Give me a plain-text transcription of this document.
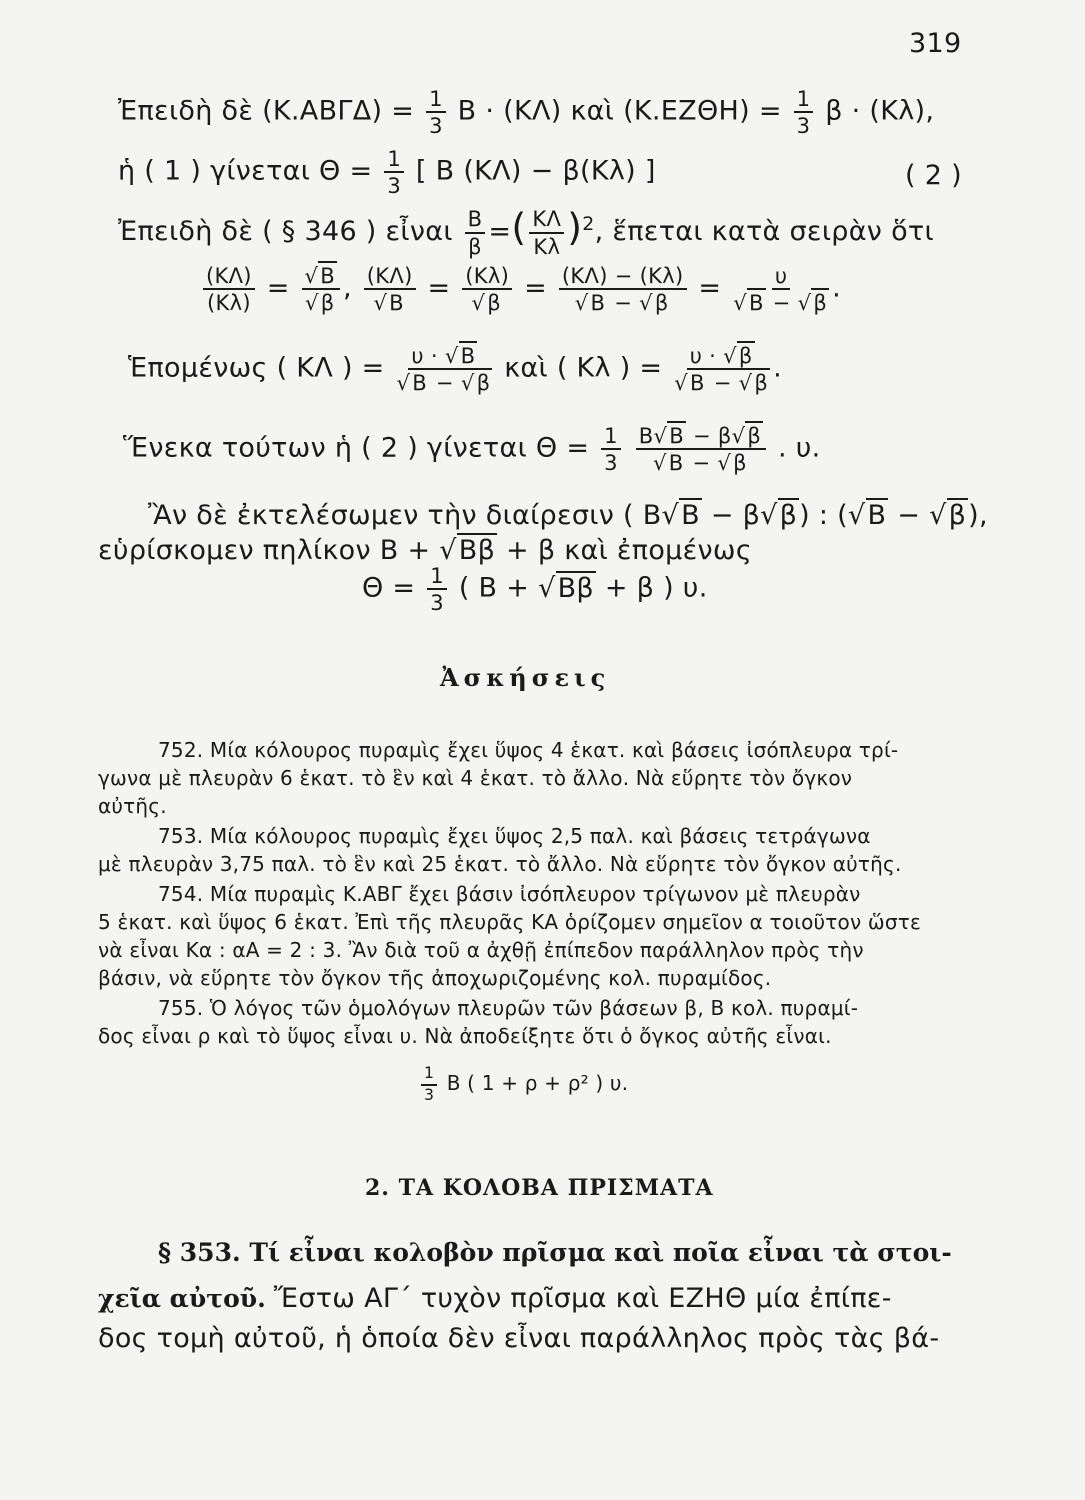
319
Ἐπειδὴ δὲ $(K.AB\Gamma\Delta) = \frac{1}{3}$ Β · (ΚΛ) καὶ $(K.EZ\Theta H) = \frac{1}{3}$ β · (Κλ),
ἡ ( 1 ) γίνεται $\Theta = \frac{1}{3}$ [ Β (ΚΛ) − β(Κλ) ]	( 2 )
Ἐπειδὴ δὲ ( § 346 ) εἶναι $\frac{B}{\beta}$ =( $\frac{K\Lambda}{K\lambda} )^2$, ἕπεται κατὰ σειρὰν ὅτι
$\frac{(K\Lambda)}{(K\lambda)}$ = √ Β
√ β , (ΚΛ)
√ Β = (Κλ)
√ β = (ΚΛ) − (Κλ)
√ Β − √ β = υ
√ Β − √ β .
Ἑπομένως ( ΚΛ ) = υ · √ Β
√ Β − √ β καὶ ( Κλ ) = υ · √ β
√ Β − √ β .
Ἕνεκα τούτων ἡ ( 2 ) γίνεται $\Theta = \frac{1}{3}$
Β √ Β − β √ β
√ Β − √ β . υ.
Ἂν δὲ ἐκτελέσωμεν τὴν διαίρεσιν ( Β √ Β − β √ β) : ( √ Β − √ β),
εὑρίσκομεν πηλίκον Β + √ Ββ + β καὶ ἐπομένως
$\Theta = \frac{1}{3}$ ( Β + √ Ββ + β ) υ.
Ἀσκήσεις
752. Μία κόλουρος πυραμὶς ἔχει ὕψος 4 ἑκατ. καὶ βάσεις ἰσόπλευρα τρί-
γωνα μὲ πλευρὰν 6 ἑκατ. τὸ ἓν καὶ 4 ἑκατ. τὸ ἄλλο. Νὰ εὕρητε τὸν ὄγκον
αὐτῆς.
753. Μία κόλουρος πυραμὶς ἔχει ὕψος 2,5 παλ. καὶ βάσεις τετράγωνα
μὲ πλευρὰν 3,75 παλ. τὸ ἓν καὶ 25 ἑκατ. τὸ ἄλλο. Νὰ εὕρητε τὸν ὄγκον αὐτῆς.
754. Μία πυραμὶς Κ.ΑΒΓ ἔχει βάσιν ἰσόπλευρον τρίγωνον μὲ πλευρὰν
5 ἑκατ. καὶ ὕψος 6 ἑκατ. Ἐπὶ τῆς πλευρᾶς ΚΑ ὁρίζομεν σημεῖον α τοιοῦτον ὥστε
νὰ εἶναι Κα : αΑ = 2 : 3. Ἂν διὰ τοῦ α ἀχθῇ ἐπίπεδον παράλληλον πρὸς τὴν
βάσιν, νὰ εὕρητε τὸν ὄγκον τῆς ἀποχωριζομένης κολ. πυραμίδος.
755. Ὁ λόγος τῶν ὁμολόγων πλευρῶν τῶν βάσεων β, Β κολ. πυραμί-
δος εἶναι ρ καὶ τὸ ὕψος εἶναι υ. Νὰ ἀποδείξητε ὅτι ὁ ὄγκος αὐτῆς εἶναι.
$\frac{1}{3}$ Β ( 1 + ρ + ρ² ) υ.
2. ΤΑ ΚΟΛΟΒΑ ΠΡΙΣΜΑΤΑ
§ 353. Τί εἶναι κολοβὸν πρῖσμα καὶ ποῖα εἶναι τὰ στοι-
χεῖα αὐτοῦ. Ἔστω ΑΓ΄ τυχὸν πρῖσμα καὶ ΕΖΗΘ μία ἐπίπε-
δος τομὴ αὐτοῦ, ἡ ὁποία δὲν εἶναι παράλληλος πρὸς τὰς βά-
